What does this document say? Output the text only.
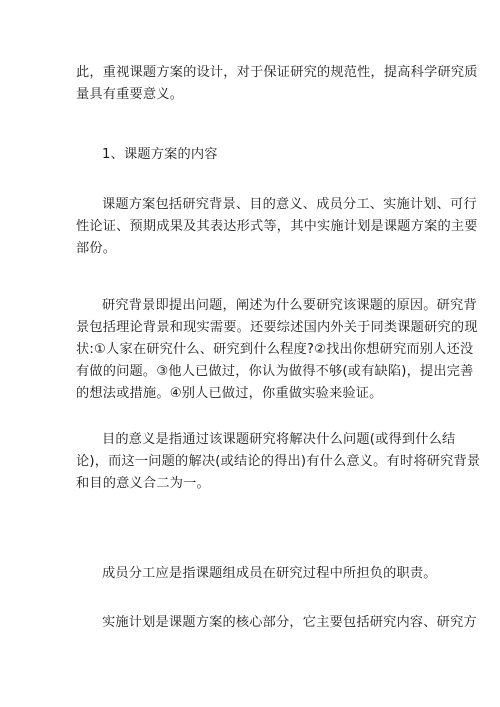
此，重视课题方案的设计，对于保证研究的规范性，提高科学研究质
量具有重要意义。
1、课题方案的内容
课题方案包括研究背景、目的意义、成员分工、实施计划、可行
性论证、预期成果及其表达形式等，其中实施计划是课题方案的主要
部份。
研究背景即提出问题，阐述为什么要研究该课题的原因。研究背
景包括理论背景和现实需要。还要综述国内外关于同类课题研究的现
状:①人家在研究什么、研究到什么程度?②找出你想研究而别人还没
有做的问题。③他人已做过，你认为做得不够(或有缺陷)，提出完善
的想法或措施。④别人已做过，你重做实验来验证。
目的意义是指通过该课题研究将解决什么问题(或得到什么结
论)，而这一问题的解决(或结论的得出)有什么意义。有时将研究背景
和目的意义合二为一。
成员分工应是指课题组成员在研究过程中所担负的职责。
实施计划是课题方案的核心部分，它主要包括研究内容、研究方
